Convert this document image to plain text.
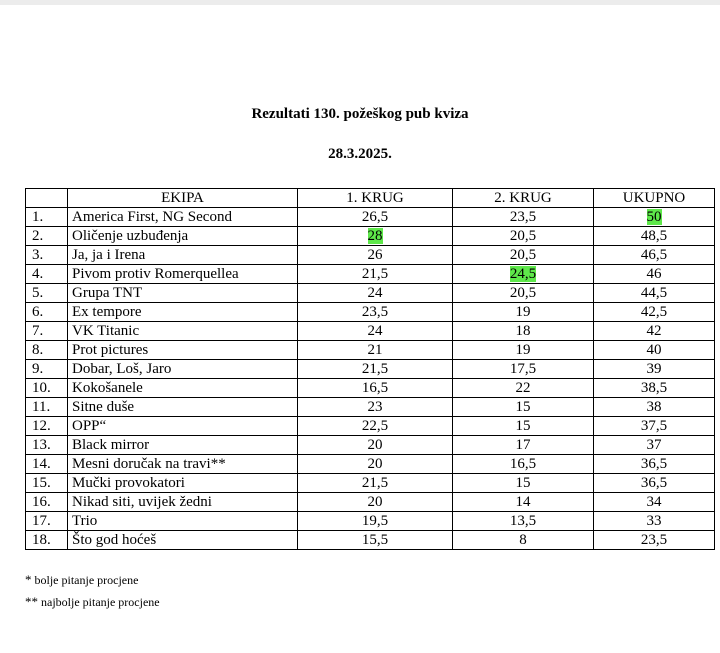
Rezultati 130. požeškog pub kviza
28.3.2025.
	EKIPA	1. KRUG	2. KRUG	UKUPNO
1.	America First, NG Second	26,5	23,5	50
2.	Oličenje uzbuđenja	28	20,5	48,5
3.	Ja, ja i Irena	26	20,5	46,5
4.	Pivom protiv Romerquellea	21,5	24,5	46
5.	Grupa TNT	24	20,5	44,5
6.	Ex tempore	23,5	19	42,5
7.	VK Titanic	24	18	42
8.	Prot pictures	21	19	40
9.	Dobar, Loš, Jaro	21,5	17,5	39
10.	Kokošanele	16,5	22	38,5
11.	Sitne duše	23	15	38
12.	OPP“	22,5	15	37,5
13.	Black mirror	20	17	37
14.	Mesni doručak na travi**	20	16,5	36,5
15.	Mučki provokatori	21,5	15	36,5
16.	Nikad siti, uvijek žedni	20	14	34
17.	Trio	19,5	13,5	33
18.	Što god hoćeš	15,5	8	23,5
* bolje pitanje procjene
** najbolje pitanje procjene
